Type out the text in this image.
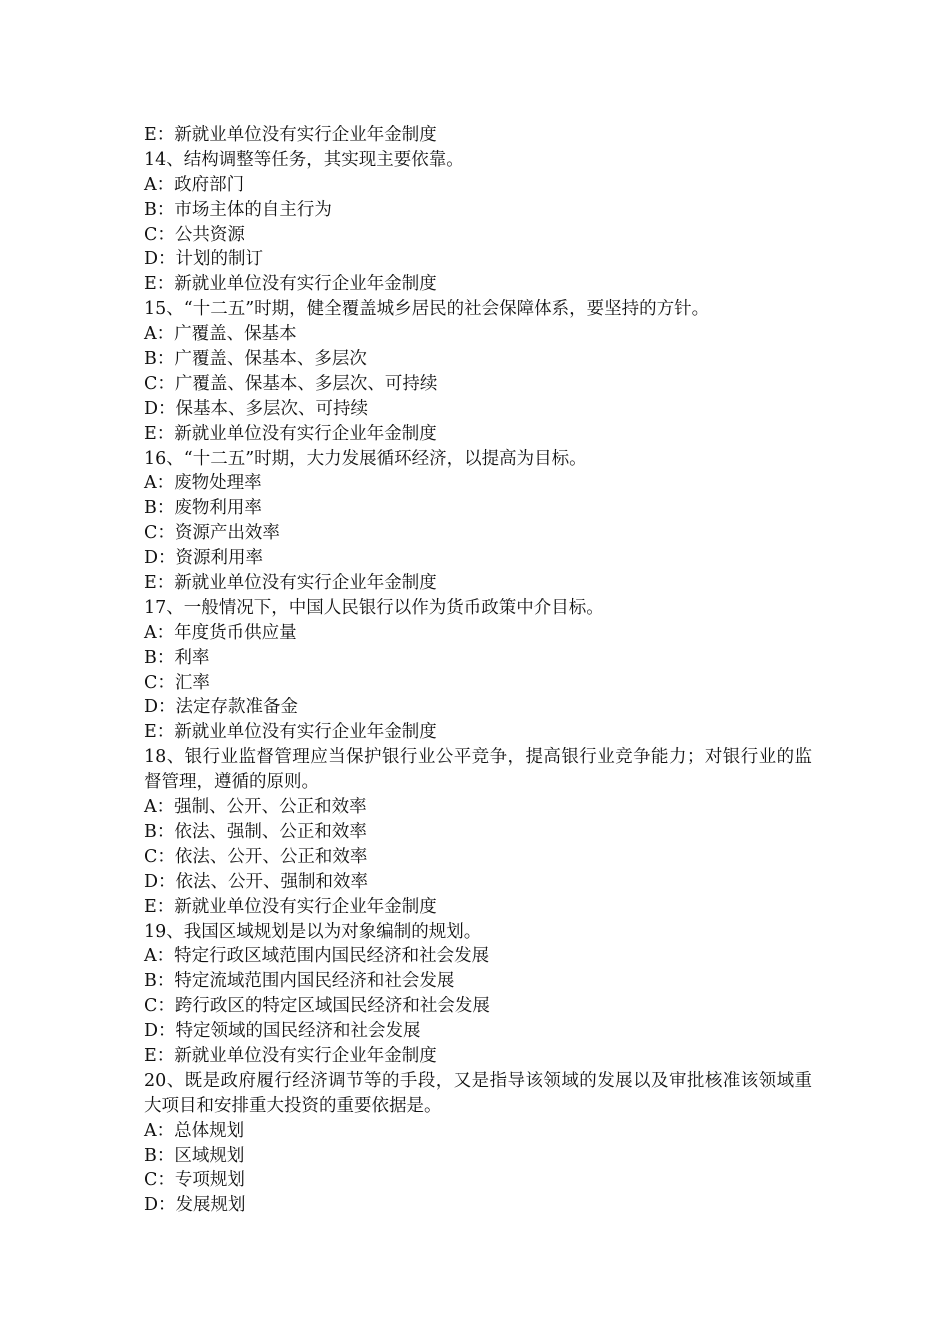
E：新就业单位没有实行企业年金制度
14、结构调整等任务，其实现主要依靠。
A：政府部门
B：市场主体的自主行为
C：公共资源
D：计划的制订
E：新就业单位没有实行企业年金制度
15、“十二五”时期，健全覆盖城乡居民的社会保障体系，要坚持的方针。
A：广覆盖、保基本
B：广覆盖、保基本、多层次
C：广覆盖、保基本、多层次、可持续
D：保基本、多层次、可持续
E：新就业单位没有实行企业年金制度
16、“十二五”时期，大力发展循环经济，以提高为目标。
A：废物处理率
B：废物利用率
C：资源产出效率
D：资源利用率
E：新就业单位没有实行企业年金制度
17、一般情况下，中国人民银行以作为货币政策中介目标。
A：年度货币供应量
B：利率
C：汇率
D：法定存款准备金
E：新就业单位没有实行企业年金制度
18、银行业监督管理应当保护银行业公平竞争，提高银行业竞争能力；对银行业的监督管理，遵循的原则。
A：强制、公开、公正和效率
B：依法、强制、公正和效率
C：依法、公开、公正和效率
D：依法、公开、强制和效率
E：新就业单位没有实行企业年金制度
19、我国区域规划是以为对象编制的规划。
A：特定行政区域范围内国民经济和社会发展
B：特定流域范围内国民经济和社会发展
C：跨行政区的特定区域国民经济和社会发展
D：特定领域的国民经济和社会发展
E：新就业单位没有实行企业年金制度
20、既是政府履行经济调节等的手段，又是指导该领域的发展以及审批核准该领域重大项目和安排重大投资的重要依据是。
A：总体规划
B：区域规划
C：专项规划
D：发展规划
